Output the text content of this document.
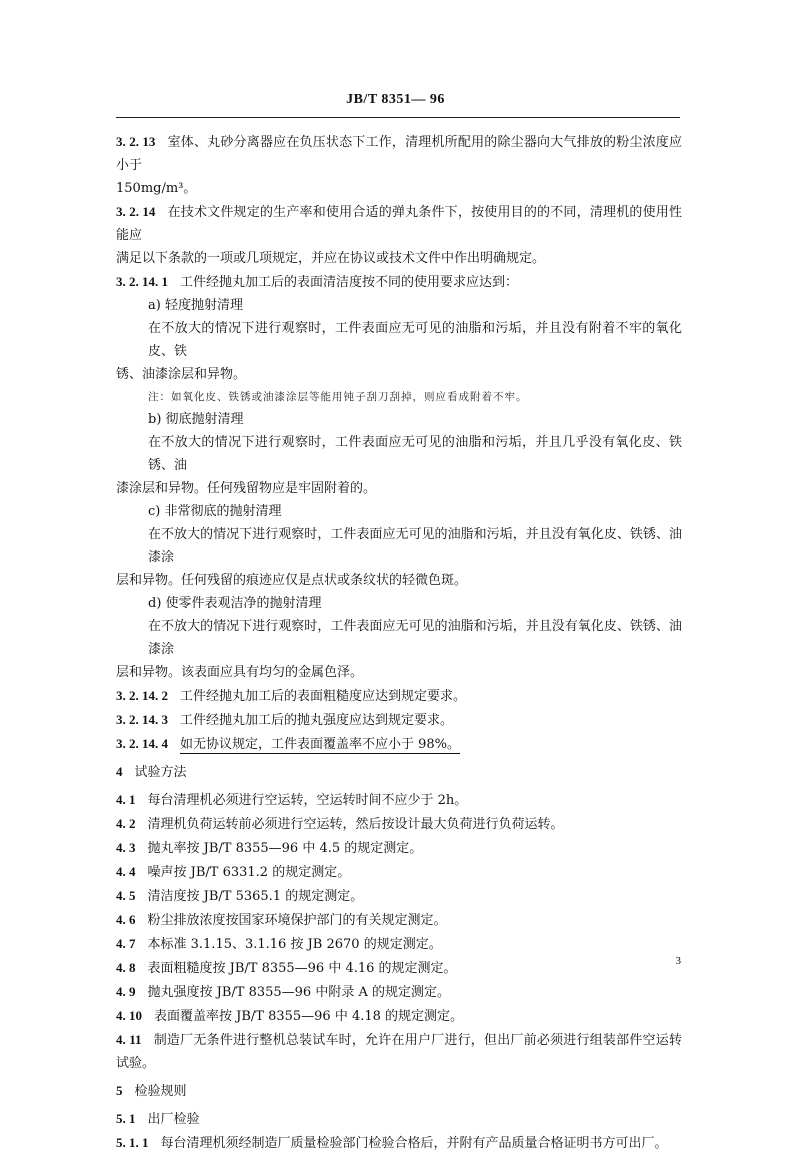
JB/T 8351— 96

3. 2. 13 室体、丸砂分离器应在负压状态下工作，清理机所配用的除尘器向大气排放的粉尘浓度应小于

150mg/m³。

3. 2. 14 在技术文件规定的生产率和使用合适的弹丸条件下，按使用目的的不同，清理机的使用性能应

满足以下条款的一项或几项规定，并应在协议或技术文件中作出明确规定。

3. 2. 14. 1 工件经抛丸加工后的表面清洁度按不同的使用要求应达到：

a) 轻度抛射清理

在不放大的情况下进行观察时，工件表面应无可见的油脂和污垢，并且没有附着不牢的氧化皮、铁

锈、油漆涂层和异物。

注：如氧化皮、铁锈或油漆涂层等能用钝子刮刀刮掉，则应看成附着不牢。

b) 彻底抛射清理

在不放大的情况下进行观察时，工件表面应无可见的油脂和污垢，并且几乎没有氧化皮、铁锈、油

漆涂层和异物。任何残留物应是牢固附着的。

c) 非常彻底的抛射清理

在不放大的情况下进行观察时，工件表面应无可见的油脂和污垢，并且没有氧化皮、铁锈、油漆涂

层和异物。任何残留的痕迹应仅是点状或条纹状的轻微色斑。

d) 使零件表观洁净的抛射清理

在不放大的情况下进行观察时，工件表面应无可见的油脂和污垢，并且没有氧化皮、铁锈、油漆涂

层和异物。该表面应具有均匀的金属色泽。

3. 2. 14. 2 工件经抛丸加工后的表面粗糙度应达到规定要求。

3. 2. 14. 3 工件经抛丸加工后的抛丸强度应达到规定要求。

3. 2. 14. 4 如无协议规定，工件表面覆盖率不应小于 98%。

4 试验方法

4. 1 每台清理机必须进行空运转，空运转时间不应少于 2h。

4. 2 清理机负荷运转前必须进行空运转，然后按设计最大负荷进行负荷运转。

4. 3 抛丸率按 JB/T 8355—96 中 4.5 的规定测定。

4. 4 噪声按 JB/T 6331.2 的规定测定。

4. 5 清洁度按 JB/T 5365.1 的规定测定。

4. 6 粉尘排放浓度按国家环境保护部门的有关规定测定。

4. 7 本标准 3.1.15、3.1.16 按 JB 2670 的规定测定。

4. 8 表面粗糙度按 JB/T 8355—96 中 4.16 的规定测定。

4. 9 抛丸强度按 JB/T 8355—96 中附录 A 的规定测定。

4. 10 表面覆盖率按 JB/T 8355—96 中 4.18 的规定测定。

4. 11 制造厂无条件进行整机总装试车时，允许在用户厂进行，但出厂前必须进行组装部件空运转试验。

5 检验规则

5. 1 出厂检验

5. 1. 1 每台清理机须经制造厂质量检验部门检验合格后，并附有产品质量合格证明书方可出厂。

3
